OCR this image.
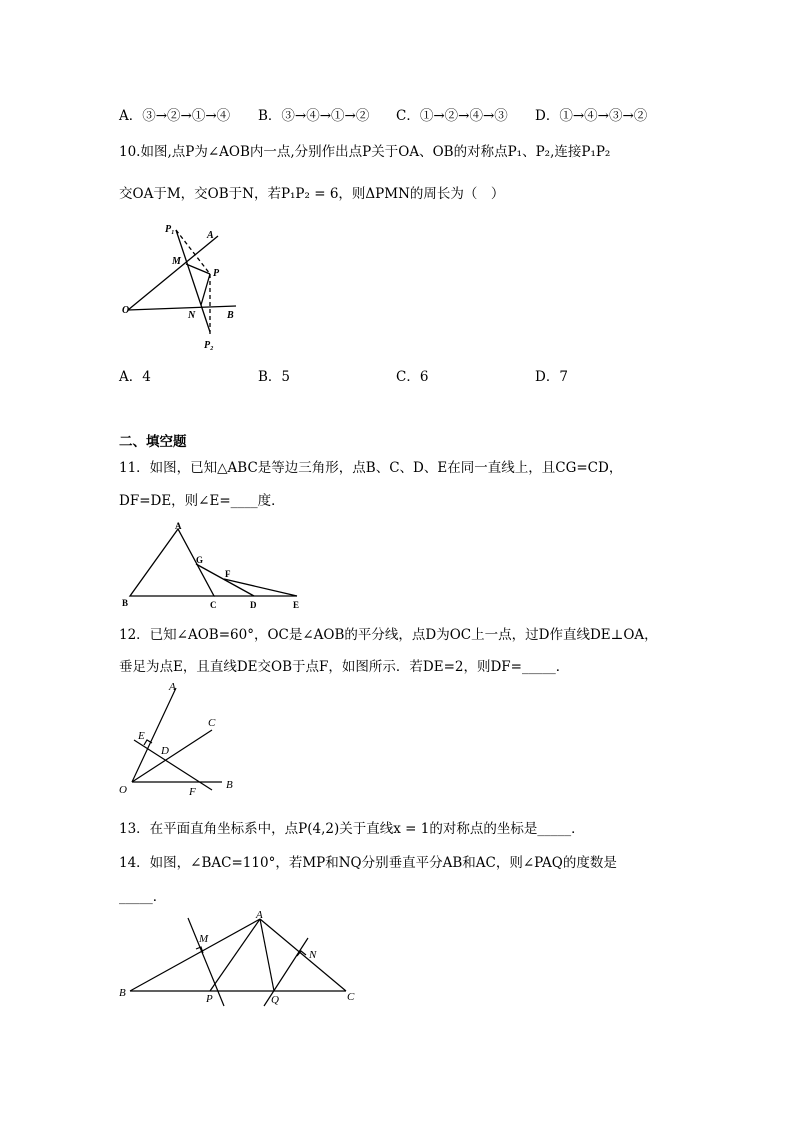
A．③→②→①→④ B．③→④→①→② C．①→②→④→③ D．①→④→③→②
10.如图,点P为∠AOB内一点,分别作出点P关于OA、OB的对称点P₁、P₂,连接P₁P₂
交OA于M，交OB于N，若P₁P₂ = 6，则ΔPMN的周长为（　）
P₁
A
M
P
O	N	B
P₂
A．4	B．5	C．6	D．7
二、填空题
11．如图，已知△ABC是等边三角形，点B、C、D、E在同一直线上，且CG=CD，
DF=DE，则∠E=____度．
A
G
F
B	C	D	E
12．已知∠AOB=60°，OC是∠AOB的平分线，点D为OC上一点，过D作直线DE⊥OA，
垂足为点E，且直线DE交OB于点F，如图所示．若DE=2，则DF=_____．
A
C
E
D
O	F
B
13．在平面直角坐标系中，点P(4,2)关于直线x = 1的对称点的坐标是_____．
14．如图，∠BAC=110°，若MP和NQ分别垂直平分AB和AC，则∠PAQ的度数是
_____．
A
M
N
B	P	Q	C
